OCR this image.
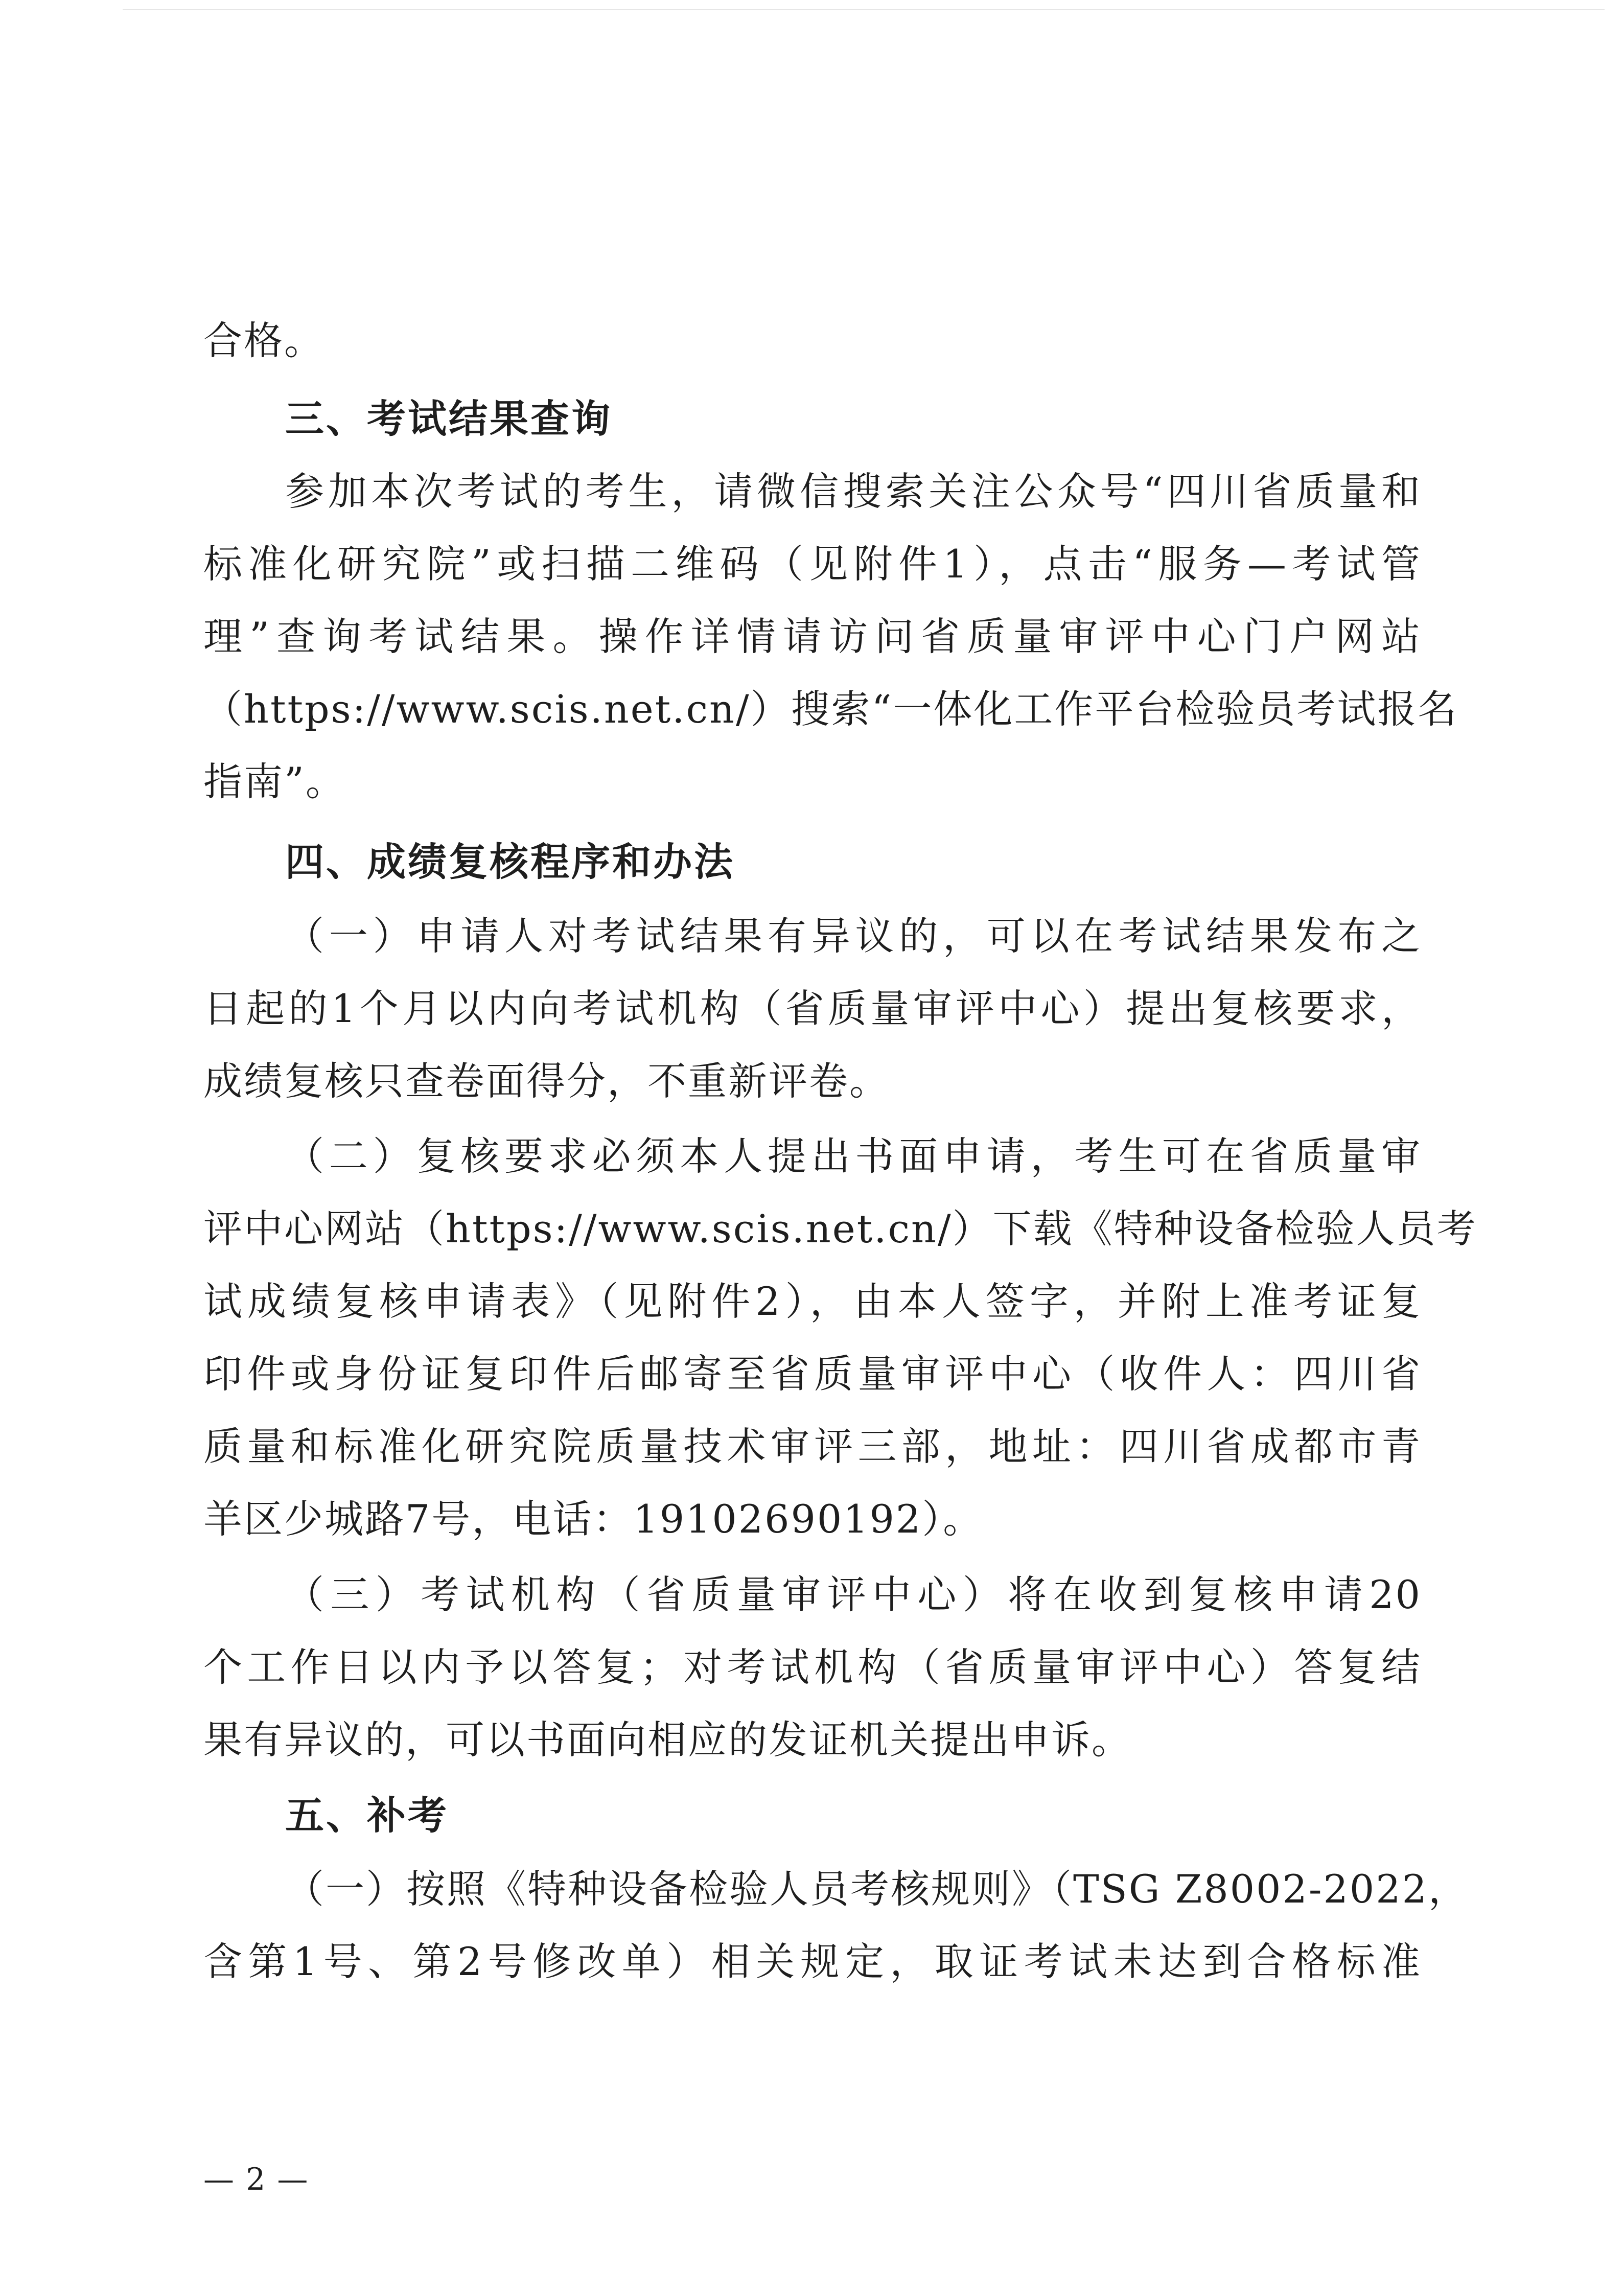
合格。
三、考试结果查询
参加本次考试的考生，请微信搜索关注公众号“四川省质量和
标准化研究院”或扫描二维码（见附件1），点击“服务—考试管
理”查询考试结果。操作详情请访问省质量审评中心门户网站
（https://www.scis.net.cn/）搜索“一体化工作平台检验员考试报名
指南”。
四、成绩复核程序和办法
（一）申请人对考试结果有异议的，可以在考试结果发布之
日起的1个月以内向考试机构（省质量审评中心）提出复核要求，
成绩复核只查卷面得分，不重新评卷。
（二）复核要求必须本人提出书面申请，考生可在省质量审
评中心网站（https://www.scis.net.cn/）下载《特种设备检验人员考
试成绩复核申请表》（见附件2），由本人签字，并附上准考证复
印件或身份证复印件后邮寄至省质量审评中心（收件人：四川省
质量和标准化研究院质量技术审评三部，地址：四川省成都市青
羊区少城路7号，电话：19102690192）。
（三）考试机构（省质量审评中心）将在收到复核申请20
个工作日以内予以答复；对考试机构（省质量审评中心）答复结
果有异议的，可以书面向相应的发证机关提出申诉。
五、补考
（一）按照《特种设备检验人员考核规则》（TSG Z8002-2022，
含第1号、第2号修改单）相关规定，取证考试未达到合格标准
— 2 —
